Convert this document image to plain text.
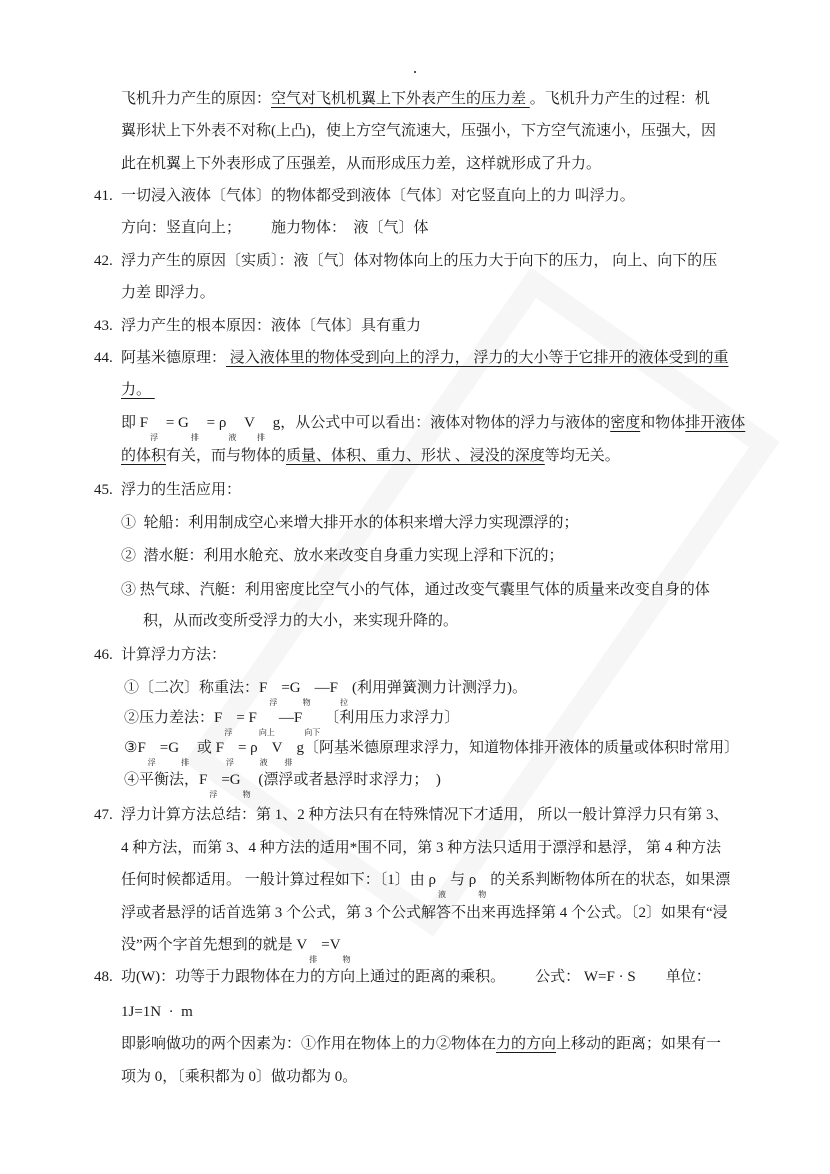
飞机升力产生的原因：空气对飞机机翼上下外表产生的压力差 。飞机升力产生的过程：机
翼形状上下外表不对称(上凸)，使上方空气流速大，压强小，下方空气流速小，压强大，因
此在机翼上下外表形成了压强差，从而形成压力差，这样就形成了升力。
41. 一切浸入液体〔气体〕的物体都受到液体〔气体〕对它竖直向上的力 叫浮力。
方向：竖直向上；        施力物体：  液〔气〕体
42. 浮力产生的原因〔实质〕：液〔气〕体对物体向上的压力大于向下的压力， 向上、向下的压
力差 即浮力。
43. 浮力产生的根本原因：液体〔气体〕具有重力
44. 阿基米德原理： 浸入液体里的物体受到向上的浮力， 浮力的大小等于它排开的液体受到的重
力。
即 F浮 = G排 = ρ液 V排 g，从公式中可以看出：液体对物体的浮力与液体的密度和物体排开液体
的体积有关，而与物体的质量、体积、重力、形状 、浸没的深度等均无关。
45. 浮力的生活应用：
①  轮船：利用制成空心来增大排开水的体积来增大浮力实现漂浮的；
②  潜水艇：利用水舱充、放水来改变自身重力实现上浮和下沉的；
③ 热气球、汽艇：利用密度比空气小的气体，通过改变气囊里气体的质量来改变自身的体
积，从而改变所受浮力的大小，来实现升降的。
46. 计算浮力方法：
①〔二次〕称重法：F浮=G物—F拉(利用弹簧测力计测浮力)。
②压力差法：F浮= F向上—F向下〔利用压力求浮力〕
③F浮=G排 或 F浮= ρ液V排g〔阿基米德原理求浮力，知道物体排开液体的质量或体积时常用〕
④平衡法，F浮=G物 (漂浮或者悬浮时求浮力；  )
47. 浮力计算方法总结：第 1、2 种方法只有在特殊情况下才适用， 所以一般计算浮力只有第 3、
4 种方法，而第 3、4 种方法的适用*围不同，第 3 种方法只适用于漂浮和悬浮， 第 4 种方法
任何时候都适用。 一般计算过程如下：〔1〕由 ρ液与 ρ物的关系判断物体所在的状态，如果漂
浮或者悬浮的话首选第 3 个公式，第 3 个公式解答不出来再选择第 4 个公式。〔2〕如果有“浸
没”两个字首先想到的就是 V排=V物
48. 功(W)：功等于力跟物体在力的方向上通过的距离的乘积。        公式： W=F · S        单位：
1J=1N  ·  m
即影响做功的两个因素为：①作用在物体上的力②物体在力的方向上移动的距离；如果有一
项为 0，〔乘积都为 0〕做功都为 0。
